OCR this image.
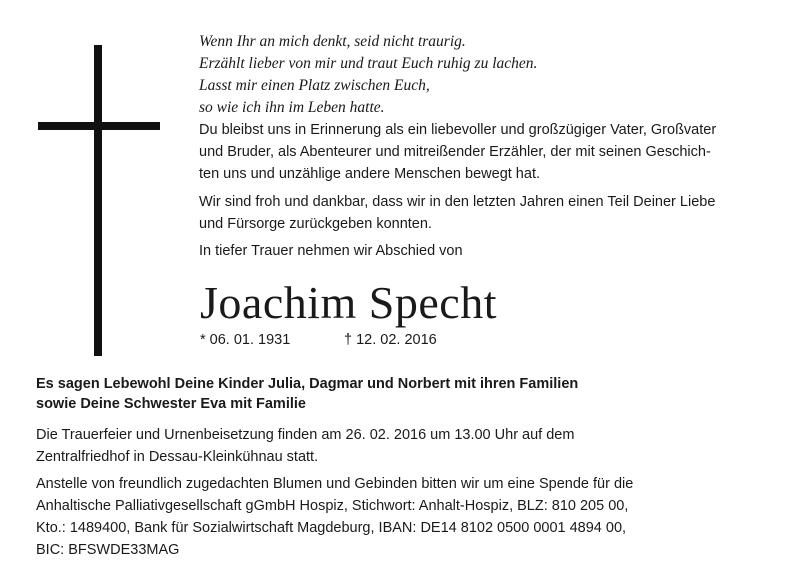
Wenn Ihr an mich denkt, seid nicht traurig.
Erzählt lieber von mir und traut Euch ruhig zu lachen.
Lasst mir einen Platz zwischen Euch,
so wie ich ihn im Leben hatte.
Du bleibst uns in Erinnerung als ein liebevoller und großzügiger Vater, Großvater
und Bruder, als Abenteurer und mitreißender Erzähler, der mit seinen Geschich-
ten uns und unzählige andere Menschen bewegt hat.
Wir sind froh und dankbar, dass wir in den letzten Jahren einen Teil Deiner Liebe
und Fürsorge zurückgeben konnten.
In tiefer Trauer nehmen wir Abschied von
Joachim Specht
* 06. 01. 1931	† 12. 02. 2016
Es sagen Lebewohl Deine Kinder Julia, Dagmar und Norbert mit ihren Familien
sowie Deine Schwester Eva mit Familie
Die Trauerfeier und Urnenbeisetzung finden am 26. 02. 2016 um 13.00 Uhr auf dem
Zentralfriedhof in Dessau-Kleinkühnau statt.
Anstelle von freundlich zugedachten Blumen und Gebinden bitten wir um eine Spende für die
Anhaltische Palliativgesellschaft gGmbH Hospiz, Stichwort: Anhalt-Hospiz, BLZ: 810 205 00,
Kto.: 1489400, Bank für Sozialwirtschaft Magdeburg, IBAN: DE14 8102 0500 0001 4894 00,
BIC: BFSWDE33MAG
